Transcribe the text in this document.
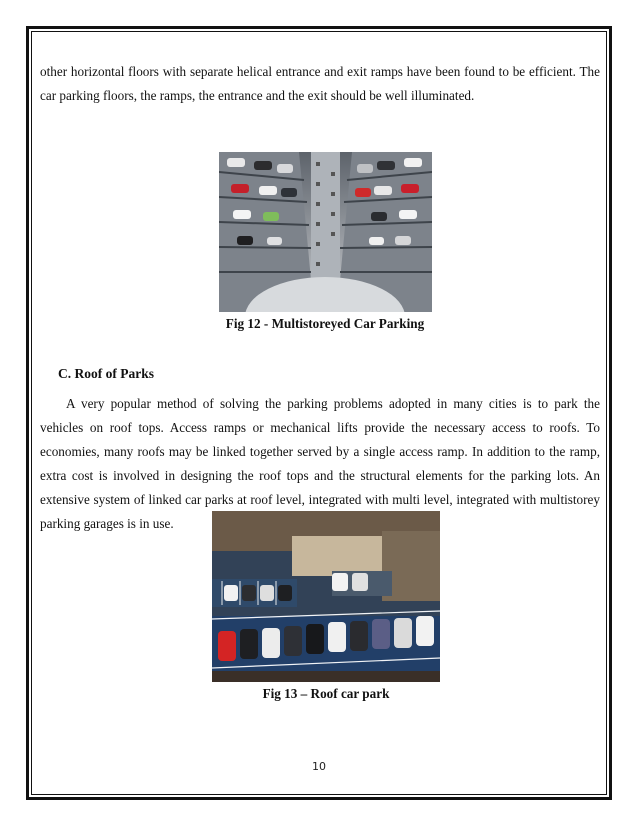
other horizontal floors with separate helical entrance and exit ramps have been found to be efficient. The car parking floors, the ramps, the entrance and the exit should be well illuminated.
Fig 12 - Multistoreyed Car Parking
C. Roof of Parks
A very popular method of solving the parking problems adopted in many cities is to park the vehicles on roof tops. Access ramps or mechanical lifts provide the necessary access to roofs. To economies, many roofs may be linked together served by a single access ramp. In addition to the ramp, extra cost is involved in designing the roof tops and the structural elements for the parking lots. An extensive system of linked car parks at roof level, integrated with multi level, integrated with multistorey parking garages is in use.
Fig 13 – Roof car park
10
